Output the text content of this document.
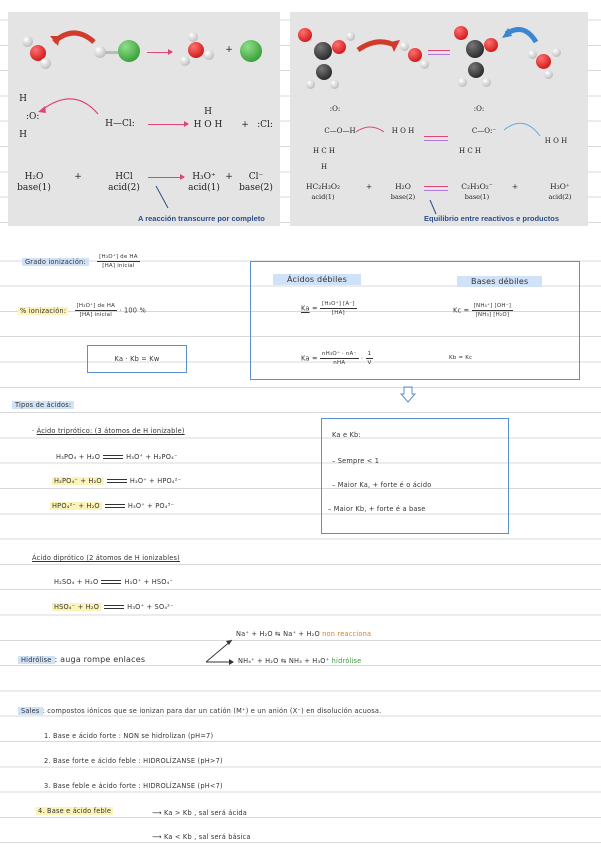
+
H
:O:
H
H—Cl:
H
H O H + :Cl:
H₂O	+	HCl	H₃O⁺	+	Cl⁻
base(1)	acid(2)	acid(1)	base(2)
A reacción transcurre por completo
:O:
C—O—H
H C H
H
H O H
:O:
C—O:⁻
H C H
H O H
HC₂H₃O₂	+	H₂O	C₂H₃O₂⁻	+	H₃O⁺
acid(1)	base(2)	base(1)	acid(2)
Equilibrio entre reactivos e productos
Grado ionización: $\frac{\text{[H₃O⁺] de HA}}{\text{[HA] inicial}}$
% ionización: $\frac{\text{[H₃O⁺] de HA}}{\text{[HA] inicial}} \cdot 100$ %
Ka · Kb = Kw
Ácidos débiles	Bases débiles
$Ka = \frac{\text{[H₃O⁺] [A⁻]}}{[HA]}$	$Kc = \frac{\text{[NH₄⁺] [OH⁻]}}{\text{[NH₃] [H₂O]}}$
$Ka = \frac{\text{nH₃O⁺ · nA⁻}}{\text{nHA}} \cdot \frac{1}{V}$	Kb = Kc
Tipos de ácidos:
· Ácido triprótico: (3 átomos de H ionizable)
H₃PO₄ + H₂O	H₃O⁺ + H₂PO₄⁻
H₂PO₄⁻ + H₂O	H₃O⁺ + HPO₄²⁻
HPO₄²⁻ + H₂O	H₃O⁺ + PO₄³⁻
Ka e Kb:
– Sempre < 1
– Maior Ka, + forte é o ácido
– Maior Kb, + forte é a base
Ácido diprótico (2 átomos de H ionizables)
H₂SO₄ + H₂O	H₃O⁺ + HSO₄⁻
HSO₄⁻ + H₂O	H₃O⁺ + SO₄²⁻
Hidrólise : auga rompe enlaces
Na⁺ + H₂O ⇆ Na⁺ + H₂O non reacciona
NH₄⁺ + H₂O ⇆ NH₃ + H₃O⁺ hidrólise
Sales : compostos iónicos que se ionizan para dar un catión (M⁺) e un anión (X⁻) en disolución acuosa.
1. Base e ácido forte : NON se hidrolizan (pH=7)
2. Base forte e ácido feble : HIDROLÍZANSE (pH>7)
3. Base feble e ácido forte : HIDROLÍZANSE (pH<7)
4. Base e ácido feble	⟶ Ka > Kb , sal será ácida
⟶ Ka < Kb , sal será básica
